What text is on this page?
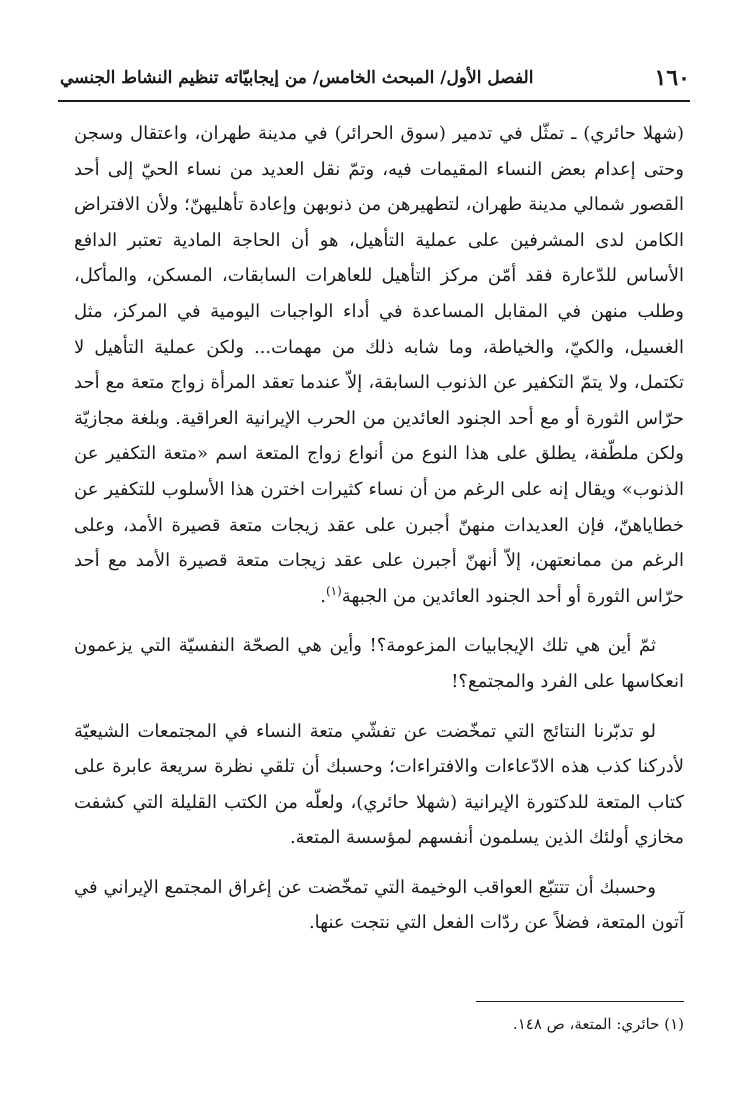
١٦٠
الفصل الأول/ المبحث الخامس/ من إيجابيّاته تنظيم النشاط الجنسي

(شهلا حائري) ـ تمثّل في تدمير (سوق الحرائر) في مدينة طهران، واعتقال وسجن وحتى إعدام بعض النساء المقيمات فيه، وتمّ نقل العديد من نساء الحيّ إلى أحد القصور شمالي مدينة طهران، لتطهيرهن من ذنوبهن وإعادة تأهليهنّ؛ ولأن الافتراض الكامن لدى المشرفين على عملية التأهيل، هو أن الحاجة المادية تعتبر الدافع الأساس للدّعارة فقد أمّن مركز التأهيل للعاهرات السابقات، المسكن، والمأكل، وطلب منهن في المقابل المساعدة في أداء الواجبات اليومية في المركز، مثل الغسيل، والكيّ، والخياطة، وما شابه ذلك من مهمات... ولكن عملية التأهيل لا تكتمل، ولا يتمّ التكفير عن الذنوب السابقة، إلاّ عندما تعقد المرأة زواج متعة مع أحد حرّاس الثورة أو مع أحد الجنود العائدين من الحرب الإيرانية العراقية. وبلغة مجازيّة ولكن ملطّفة، يطلق على هذا النوع من أنواع زواج المتعة اسم «متعة التكفير عن الذنوب» ويقال إنه على الرغم من أن نساء كثيرات اخترن هذا الأسلوب للتكفير عن خطاياهنّ، فإن العديدات منهنّ أجبرن على عقد زيجات متعة قصيرة الأمد، وعلى الرغم من ممانعتهن، إلاّ أنهنّ أجبرن على عقد زيجات متعة قصيرة الأمد مع أحد حرّاس الثورة أو أحد الجنود العائدين من الجبهة$^{(١)}$.

ثمّ أين هي تلك الإيجابيات المزعومة؟! وأين هي الصحّة النفسيّة التي يزعمون انعكاسها على الفرد والمجتمع؟!

لو تدبّرنا النتائج التي تمخّضت عن تفشّي متعة النساء في المجتمعات الشيعيّة لأدركنا كذب هذه الادّعاءات والافتراءات؛ وحسبك أن تلقي نظرة سريعة عابرة على كتاب المتعة للدكتورة الإيرانية (شهلا حائري)، ولعلّه من الكتب القليلة التي كشفت مخازي أولئك الذين يسلمون أنفسهم لمؤسسة المتعة.

وحسبك أن تتتبّع العواقب الوخيمة التي تمخّضت عن إغراق المجتمع الإيراني في آتون المتعة، فضلاً عن ردّات الفعل التي نتجت عنها.

(١) حائري: المتعة، ص ١٤٨.
